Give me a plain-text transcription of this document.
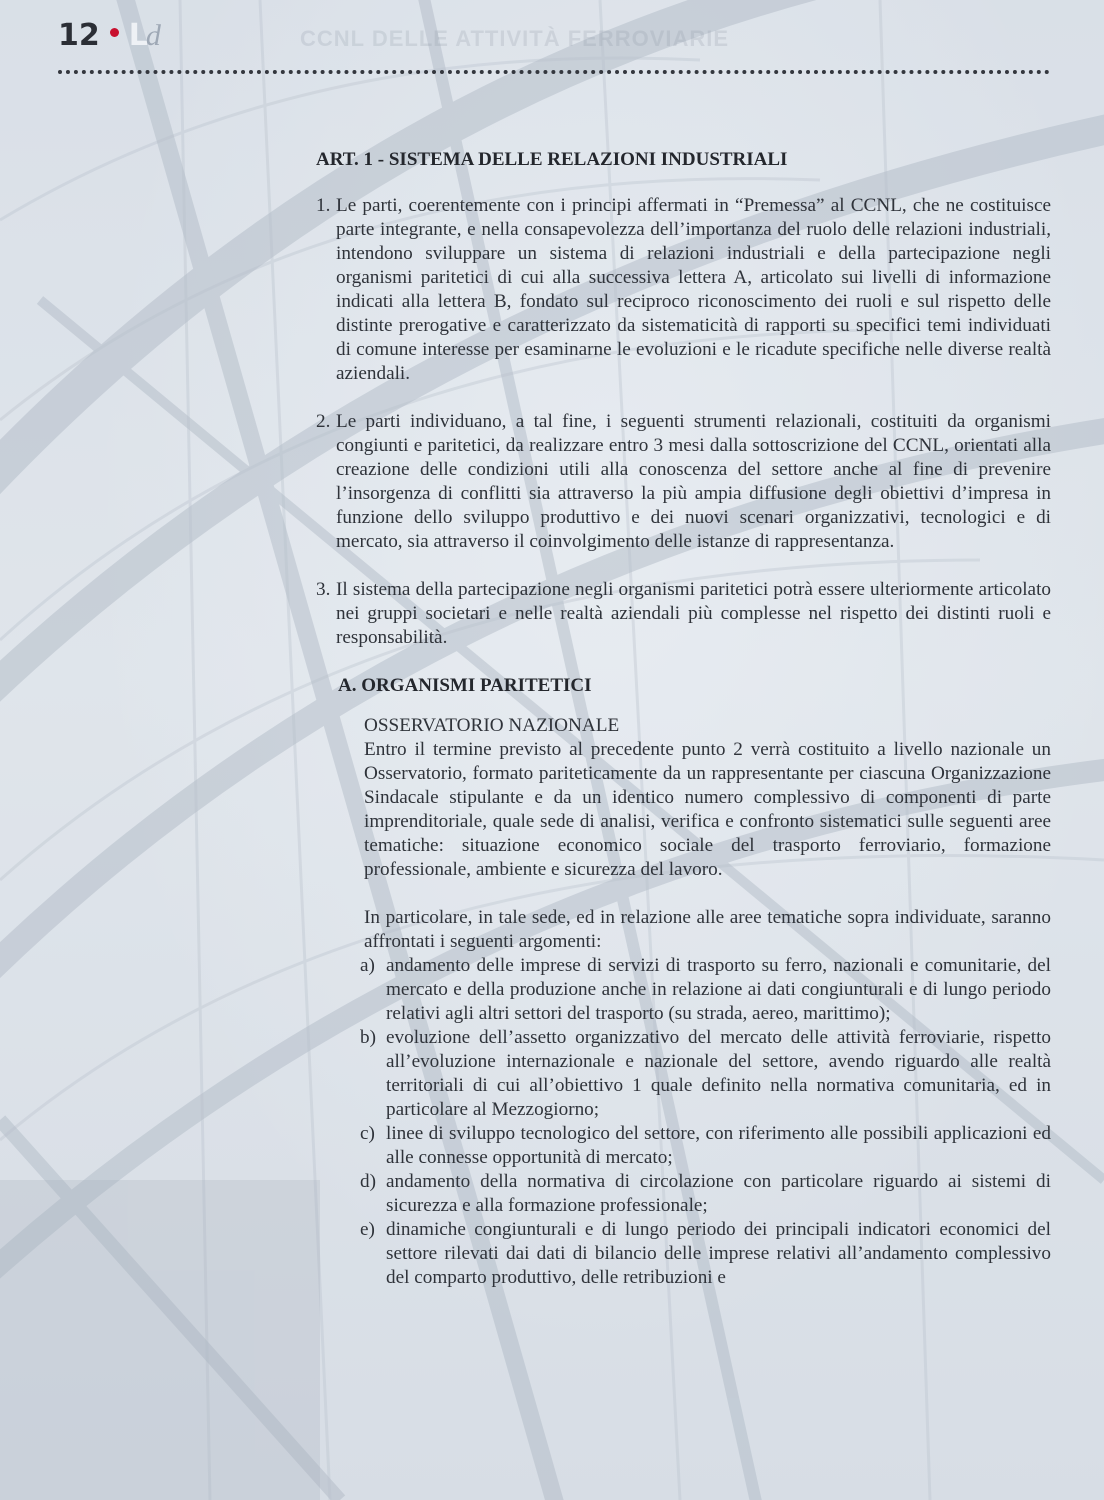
12 Ld	CCNL DELLE ATTIVITÀ FERROVIARIE
ART. 1 - SISTEMA DELLE RELAZIONI INDUSTRIALI
1. Le parti, coerentemente con i principi affermati in “Premessa” al CCNL, che ne costituisce parte integrante, e nella consapevolezza dell’importanza del ruolo delle relazioni industriali, intendono sviluppare un sistema di relazioni industriali e della partecipazione negli organismi paritetici di cui alla successiva lettera A, articolato sui livelli di informazione indicati alla lettera B, fondato sul reciproco riconoscimento dei ruoli e sul rispetto delle distinte prerogative e caratterizzato da sistematicità di rapporti su specifici temi individuati di comune interesse per esaminarne le evoluzioni e le ricadute specifiche nelle diverse realtà aziendali.
2. Le parti individuano, a tal fine, i seguenti strumenti relazionali, costituiti da organismi congiunti e paritetici, da realizzare entro 3 mesi dalla sottoscrizione del CCNL, orientati alla creazione delle condizioni utili alla conoscenza del settore anche al fine di prevenire l’insorgenza di conflitti sia attraverso la più ampia diffusione degli obiettivi d’impresa in funzione dello sviluppo produttivo e dei nuovi scenari organizzativi, tecnologici e di mercato, sia attraverso il coinvolgimento delle istanze di rappresentanza.
3. Il sistema della partecipazione negli organismi paritetici potrà essere ulteriormente articolato nei gruppi societari e nelle realtà aziendali più complesse nel rispetto dei distinti ruoli e responsabilità.
A. ORGANISMI PARITETICI
OSSERVATORIO NAZIONALE

Entro il termine previsto al precedente punto 2 verrà costituito a livello nazionale un Osservatorio, formato pariteticamente da un rappresentante per ciascuna Organizzazione Sindacale stipulante e da un identico numero complessivo di componenti di parte imprenditoriale, quale sede di analisi, verifica e confronto sistematici sulle seguenti aree tematiche: situazione economico sociale del trasporto ferroviario, formazione professionale, ambiente e sicurezza del lavoro.

In particolare, in tale sede, ed in relazione alle aree tematiche sopra individuate, saranno affrontati i seguenti argomenti:

a) andamento delle imprese di servizi di trasporto su ferro, nazionali e comunitarie, del mercato e della produzione anche in relazione ai dati congiunturali e di lungo periodo relativi agli altri settori del trasporto (su strada, aereo, marittimo);
b) evoluzione dell’assetto organizzativo del mercato delle attività ferroviarie, rispetto all’evoluzione internazionale e nazionale del settore, avendo riguardo alle realtà territoriali di cui all’obiettivo 1 quale definito nella normativa comunitaria, ed in particolare al Mezzogiorno;
c) linee di sviluppo tecnologico del settore, con riferimento alle possibili applicazioni ed alle connesse opportunità di mercato;
d) andamento della normativa di circolazione con particolare riguardo ai sistemi di sicurezza e alla formazione professionale;
e) dinamiche congiunturali e di lungo periodo dei principali indicatori economici del settore rilevati dai dati di bilancio delle imprese relativi all’andamento complessivo del comparto produttivo, delle retribuzioni e
